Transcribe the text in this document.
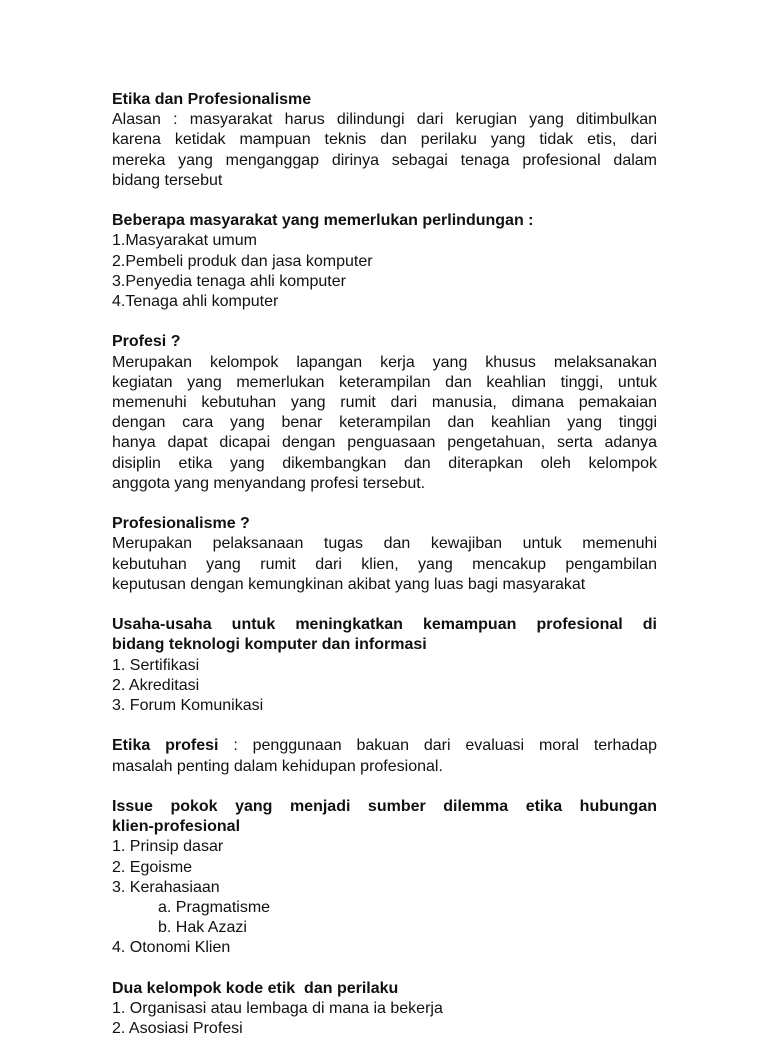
Etika dan Profesionalisme
Alasan : masyarakat harus dilindungi dari kerugian yang ditimbulkan
karena ketidak mampuan teknis dan perilaku yang tidak etis, dari
mereka yang menganggap dirinya sebagai tenaga profesional dalam
bidang tersebut
Beberapa masyarakat yang memerlukan perlindungan :
1.Masyarakat umum
2.Pembeli produk dan jasa komputer
3.Penyedia tenaga ahli komputer
4.Tenaga ahli komputer
Profesi ?
Merupakan kelompok lapangan kerja yang khusus melaksanakan
kegiatan yang memerlukan keterampilan dan keahlian tinggi, untuk
memenuhi kebutuhan yang rumit dari manusia, dimana pemakaian
dengan cara yang benar keterampilan dan keahlian yang tinggi
hanya dapat dicapai dengan penguasaan pengetahuan, serta adanya
disiplin etika yang dikembangkan dan diterapkan oleh kelompok
anggota yang menyandang profesi tersebut.
Profesionalisme ?
Merupakan pelaksanaan tugas dan kewajiban untuk memenuhi
kebutuhan yang rumit dari klien, yang mencakup pengambilan
keputusan dengan kemungkinan akibat yang luas bagi masyarakat
Usaha-usaha untuk meningkatkan kemampuan profesional di
bidang teknologi komputer dan informasi
1. Sertifikasi
2. Akreditasi
3. Forum Komunikasi
Etika profesi : penggunaan bakuan dari evaluasi moral terhadap
masalah penting dalam kehidupan profesional.
Issue pokok yang menjadi sumber dilemma etika hubungan
klien-profesional
1. Prinsip dasar
2. Egoisme
3. Kerahasiaan
a. Pragmatisme
b. Hak Azazi
4. Otonomi Klien
Dua kelompok kode etik  dan perilaku
1. Organisasi atau lembaga di mana ia bekerja
2. Asosiasi Profesi
